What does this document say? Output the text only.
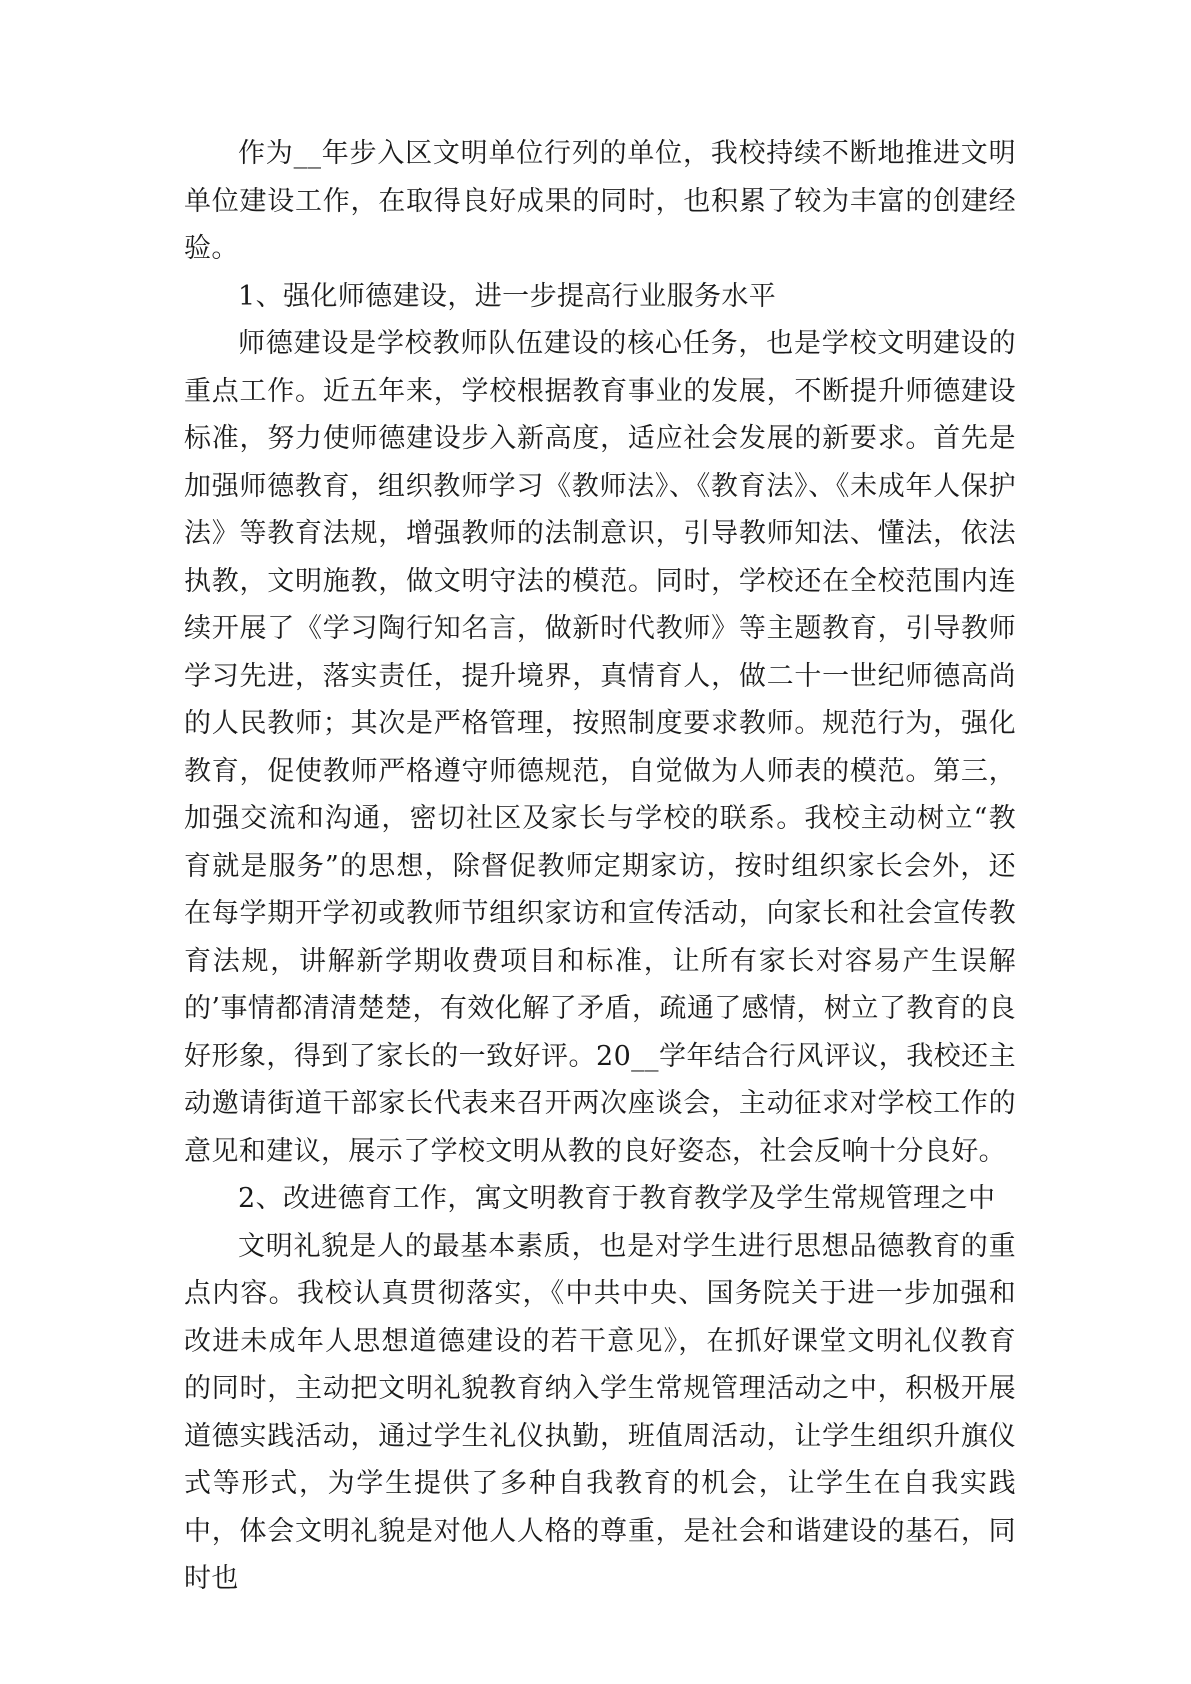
作为__年步入区文明单位行列的单位，我校持续不断地推进文明单位建设工作，在取得良好成果的同时，也积累了较为丰富的创建经验。

1、强化师德建设，进一步提高行业服务水平

师德建设是学校教师队伍建设的核心任务，也是学校文明建设的重点工作。近五年来，学校根据教育事业的发展，不断提升师德建设标准，努力使师德建设步入新高度，适应社会发展的新要求。首先是加强师德教育，组织教师学习《教师法》、《教育法》、《未成年人保护法》等教育法规，增强教师的法制意识，引导教师知法、懂法，依法执教，文明施教，做文明守法的模范。同时，学校还在全校范围内连续开展了《学习陶行知名言，做新时代教师》等主题教育，引导教师学习先进，落实责任，提升境界，真情育人，做二十一世纪师德高尚的人民教师；其次是严格管理，按照制度要求教师。规范行为，强化教育，促使教师严格遵守师德规范，自觉做为人师表的模范。第三，加强交流和沟通，密切社区及家长与学校的联系。我校主动树立“教育就是服务”的思想，除督促教师定期家访，按时组织家长会外，还在每学期开学初或教师节组织家访和宣传活动，向家长和社会宣传教育法规，讲解新学期收费项目和标准，让所有家长对容易产生误解的’事情都清清楚楚，有效化解了矛盾，疏通了感情，树立了教育的良好形象，得到了家长的一致好评。20__学年结合行风评议，我校还主动邀请街道干部家长代表来召开两次座谈会，主动征求对学校工作的意见和建议，展示了学校文明从教的良好姿态，社会反响十分良好。

2、改进德育工作，寓文明教育于教育教学及学生常规管理之中

文明礼貌是人的最基本素质，也是对学生进行思想品德教育的重点内容。我校认真贯彻落实，《中共中央、国务院关于进一步加强和改进未成年人思想道德建设的若干意见》，在抓好课堂文明礼仪教育的同时，主动把文明礼貌教育纳入学生常规管理活动之中，积极开展道德实践活动，通过学生礼仪执勤，班值周活动，让学生组织升旗仪式等形式，为学生提供了多种自我教育的机会，让学生在自我实践中，体会文明礼貌是对他人人格的尊重，是社会和谐建设的基石，同时也
